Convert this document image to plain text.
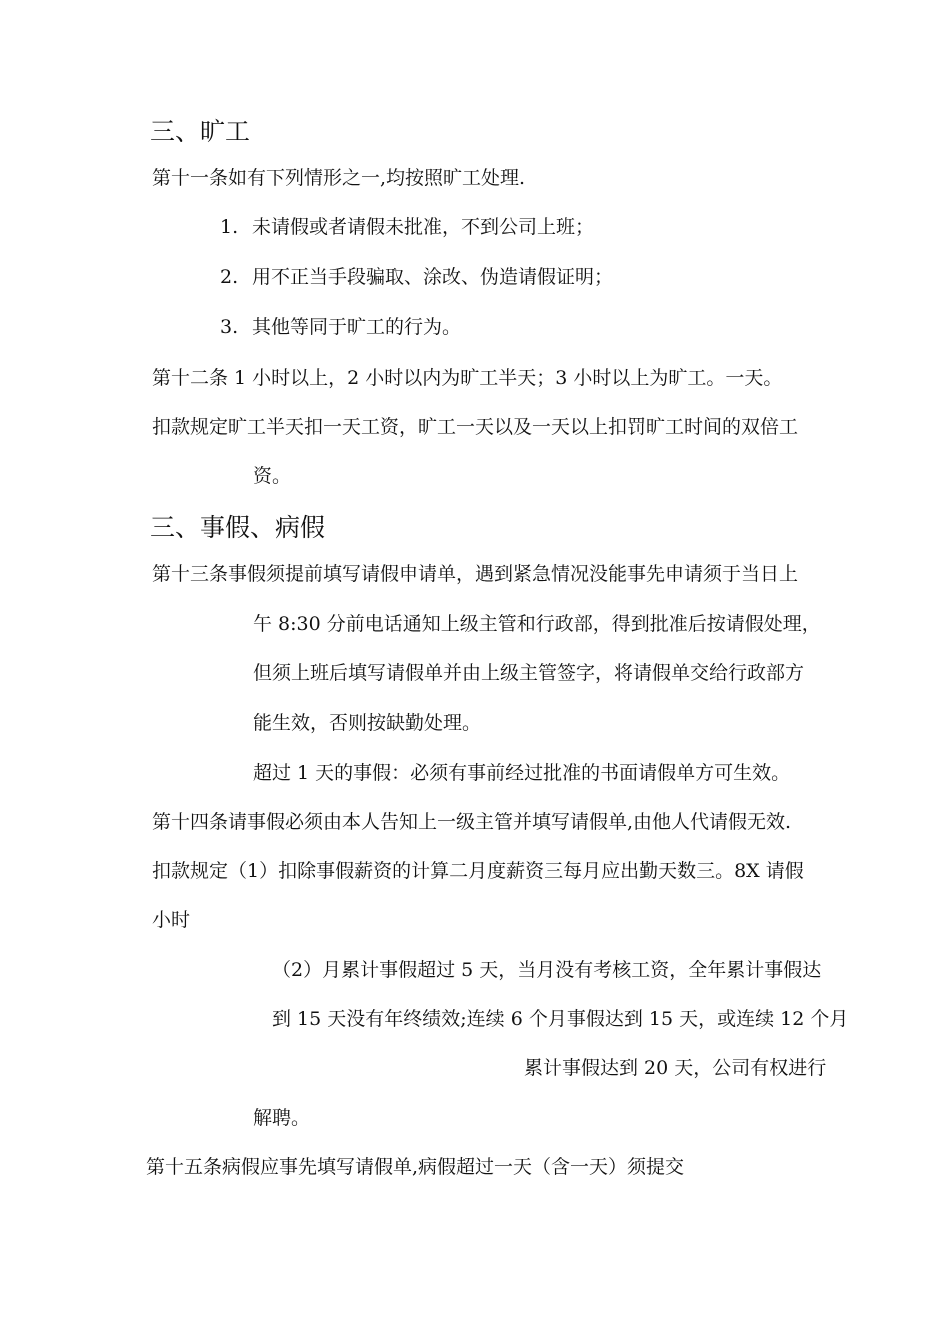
三、旷工
第十一条如有下列情形之一,均按照旷工处理.
1. 未请假或者请假未批准，不到公司上班；
2. 用不正当手段骗取、涂改、伪造请假证明；
3. 其他等同于旷工的行为。
第十二条 1 小时以上，2 小时以内为旷工半天；3 小时以上为旷工。一天。
扣款规定旷工半天扣一天工资，旷工一天以及一天以上扣罚旷工时间的双倍工
资。
三、事假、病假
第十三条事假须提前填写请假申请单，遇到紧急情况没能事先申请须于当日上
午 8:30 分前电话通知上级主管和行政部，得到批准后按请假处理，
但须上班后填写请假单并由上级主管签字，将请假单交给行政部方
能生效，否则按缺勤处理。
超过 1 天的事假：必须有事前经过批准的书面请假单方可生效。
第十四条请事假必须由本人告知上一级主管并填写请假单,由他人代请假无效.
扣款规定（1）扣除事假薪资的计算二月度薪资三每月应出勤天数三。8X 请假
小时
（2）月累计事假超过 5 天，当月没有考核工资，全年累计事假达
到 15 天没有年终绩效;连续 6 个月事假达到 15 天，或连续 12 个月
累计事假达到 20 天，公司有权进行
解聘。
第十五条病假应事先填写请假单,病假超过一天（含一天）须提交
